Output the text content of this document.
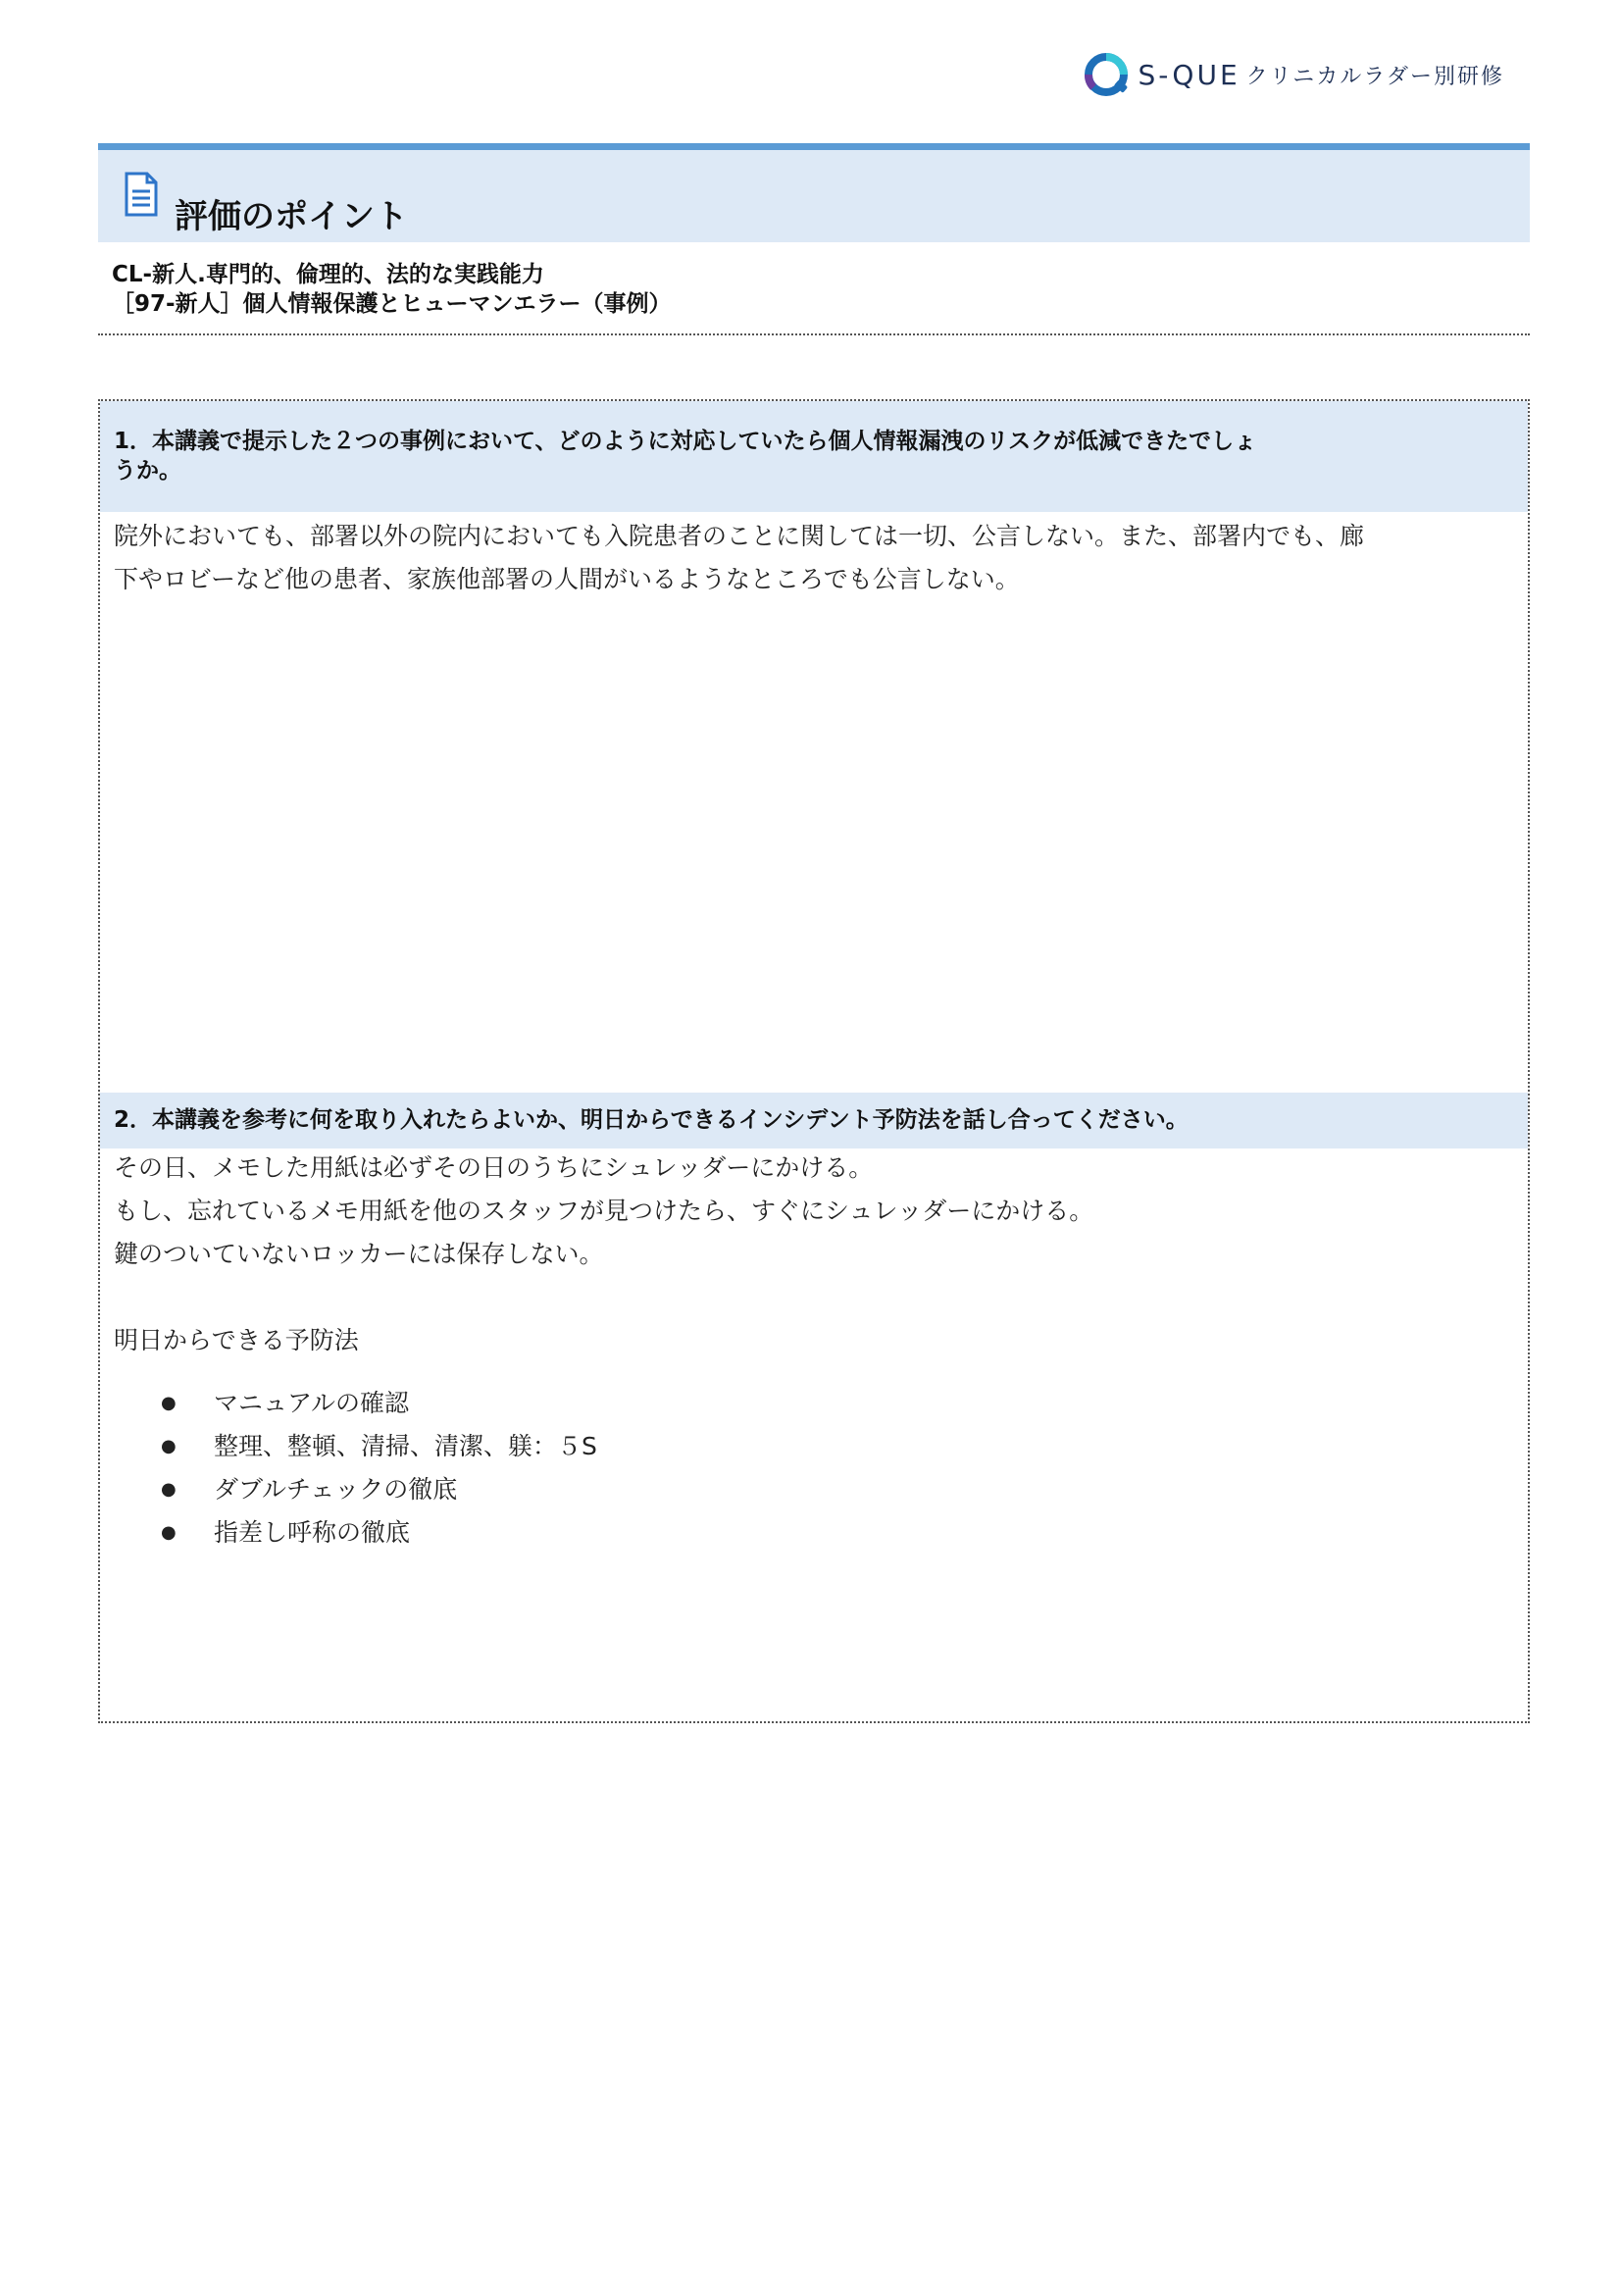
S-QUE クリニカルラダー別研修
評価のポイント
CL-新人.専門的、倫理的、法的な実践能力
［97-新人］個人情報保護とヒューマンエラー（事例）
1．本講義で提示した２つの事例において、どのように対応していたら個人情報漏洩のリスクが低減できたでしょ
うか。
院外においても、部署以外の院内においても入院患者のことに関しては一切、公言しない。また、部署内でも、廊
下やロビーなど他の患者、家族他部署の人間がいるようなところでも公言しない。
2．本講義を参考に何を取り入れたらよいか、明日からできるインシデント予防法を話し合ってください。
その日、メモした用紙は必ずその日のうちにシュレッダーにかける。
もし、忘れているメモ用紙を他のスタッフが見つけたら、すぐにシュレッダーにかける。
鍵のついていないロッカーには保存しない。
明日からできる予防法
● マニュアルの確認
● 整理、整頓、清掃、清潔、躾：５S
● ダブルチェックの徹底
● 指差し呼称の徹底
